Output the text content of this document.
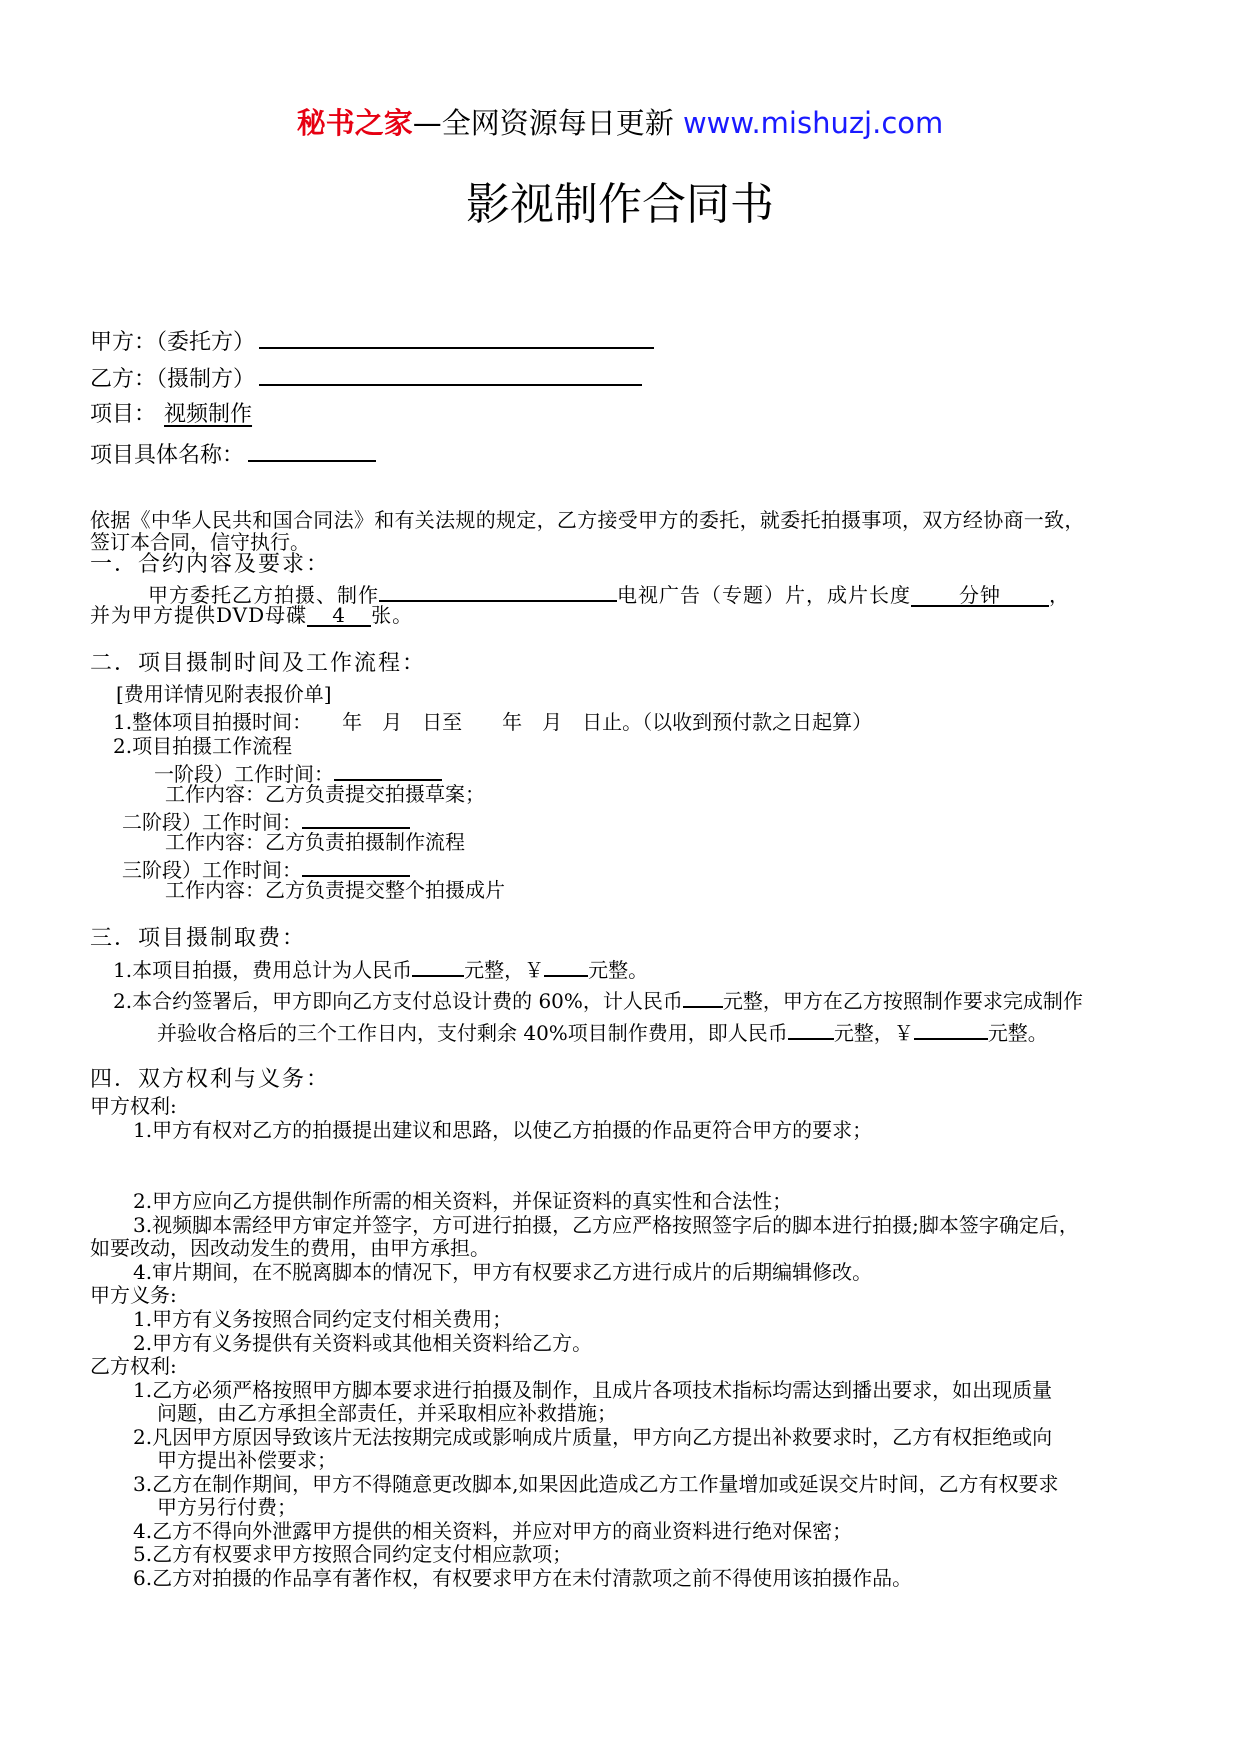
秘书之家—全网资源每日更新 www.mishuzj.com
影视制作合同书
甲方：（委托方）
乙方：（摄制方）
项目： 视频制作
项目具体名称：
依据《中华人民共和国合同法》和有关法规的规定，乙方接受甲方的委托，就委托拍摄事项，双方经协商一致，
签订本合同，信守执行。
一．合约内容及要求：
甲方委托乙方拍摄、制作	电视广告（专题）片，成片长度 分钟 ，
并为甲方提供DVD母碟 4 张。
二．项目摄制时间及工作流程：
[费用详情见附表报价单]
1.整体项目拍摄时间：　　年　月　日至　　年　月　日止。（以收到预付款之日起算）
2.项目拍摄工作流程
一阶段）工作时间：
工作内容：乙方负责提交拍摄草案；
二阶段）工作时间：
工作内容：乙方负责拍摄制作流程
三阶段）工作时间：
工作内容：乙方负责提交整个拍摄成片
三．项目摄制取费：
1.本项目拍摄，费用总计为人民币	元整，￥ 元整。
2.本合约签署后，甲方即向乙方支付总设计费的 60%，计人民币 元整，甲方在乙方按照制作要求完成制作
并验收合格后的三个工作日内，支付剩余 40%项目制作费用，即人民币 元整，￥	元整。
四．双方权利与义务：
甲方权利:
1.甲方有权对乙方的拍摄提出建议和思路，以使乙方拍摄的作品更符合甲方的要求；
2.甲方应向乙方提供制作所需的相关资料，并保证资料的真实性和合法性；
3.视频脚本需经甲方审定并签字，方可进行拍摄，乙方应严格按照签字后的脚本进行拍摄;脚本签字确定后，
如要改动，因改动发生的费用，由甲方承担。
4.审片期间，在不脱离脚本的情况下，甲方有权要求乙方进行成片的后期编辑修改。
甲方义务:
1.甲方有义务按照合同约定支付相关费用；
2.甲方有义务提供有关资料或其他相关资料给乙方。
乙方权利:
1.乙方必须严格按照甲方脚本要求进行拍摄及制作，且成片各项技术指标均需达到播出要求，如出现质量
问题，由乙方承担全部责任，并采取相应补救措施；
2.凡因甲方原因导致该片无法按期完成或影响成片质量，甲方向乙方提出补救要求时，乙方有权拒绝或向
甲方提出补偿要求；
3.乙方在制作期间，甲方不得随意更改脚本,如果因此造成乙方工作量增加或延误交片时间，乙方有权要求
甲方另行付费；
4.乙方不得向外泄露甲方提供的相关资料，并应对甲方的商业资料进行绝对保密；
5.乙方有权要求甲方按照合同约定支付相应款项；
6.乙方对拍摄的作品享有著作权，有权要求甲方在未付清款项之前不得使用该拍摄作品。
